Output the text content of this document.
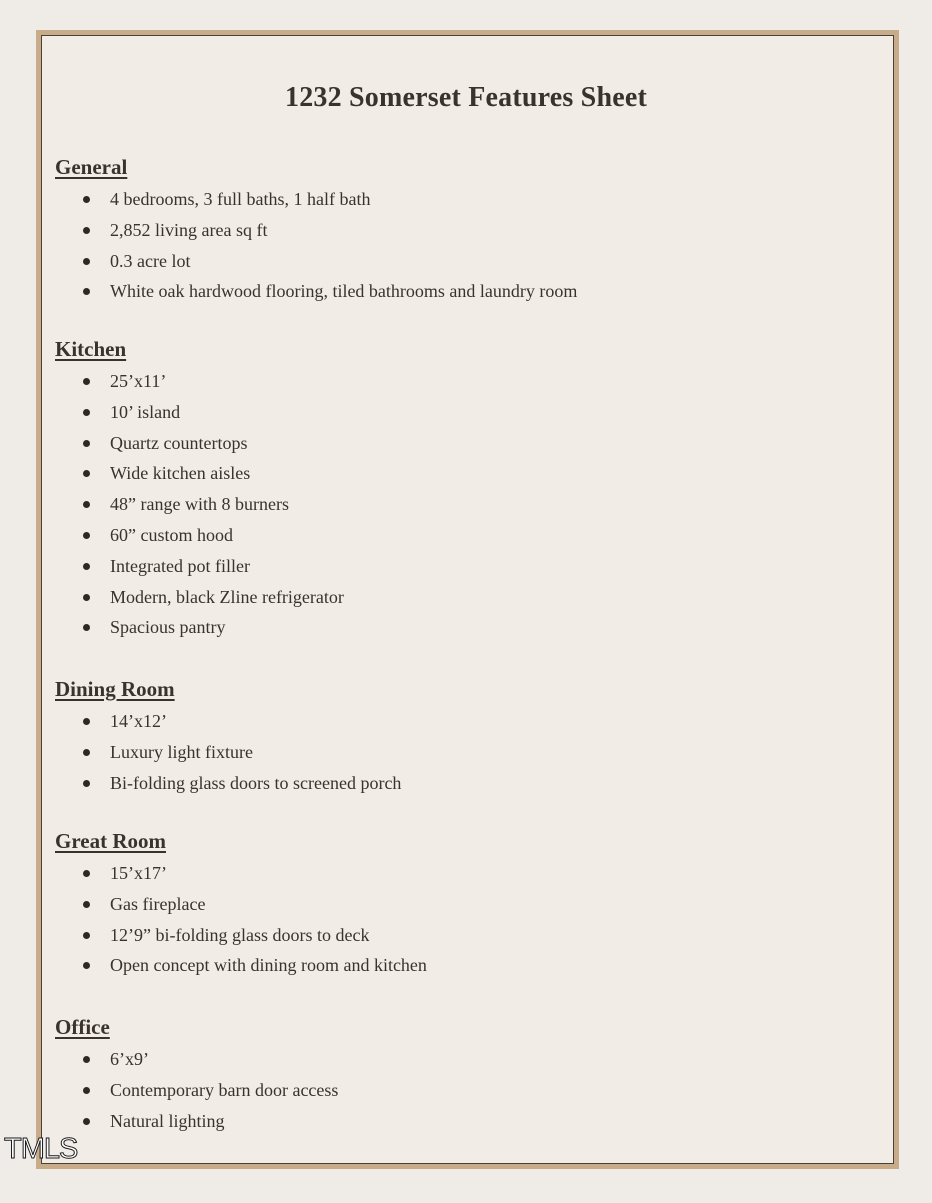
1232 Somerset Features Sheet
General
4 bedrooms, 3 full baths, 1 half bath
2,852 living area sq ft
0.3 acre lot
White oak hardwood flooring, tiled bathrooms and laundry room
Kitchen
25’x11’
10’ island
Quartz countertops
Wide kitchen aisles
48” range with 8 burners
60” custom hood
Integrated pot filler
Modern, black Zline refrigerator
Spacious pantry
Dining Room
14’x12’
Luxury light fixture
Bi-folding glass doors to screened porch
Great Room
15’x17’
Gas fireplace
12’9” bi-folding glass doors to deck
Open concept with dining room and kitchen
Office
6’x9’
Contemporary barn door access
Natural lighting
TMLS
